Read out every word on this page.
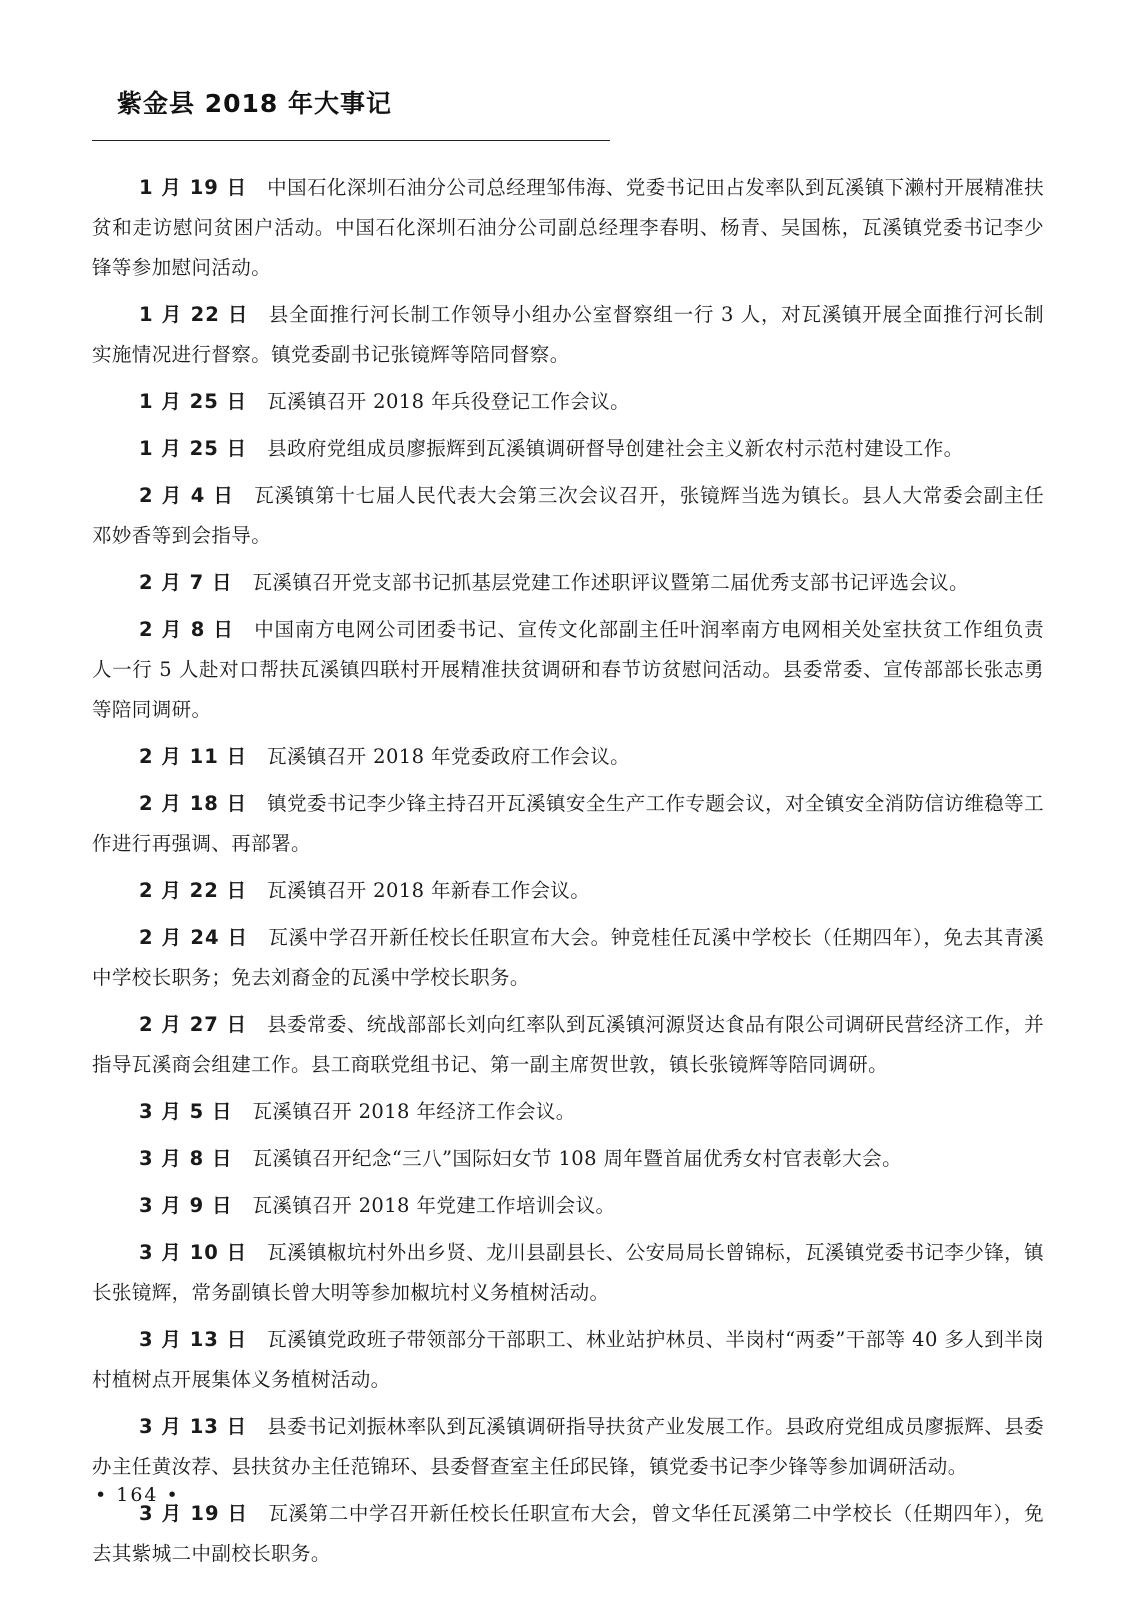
紫金县 2018 年大事记

1 月 19 日 中国石化深圳石油分公司总经理邹伟海、党委书记田占发率队到瓦溪镇下濑村开展精准扶贫和走访慰问贫困户活动。中国石化深圳石油分公司副总经理李春明、杨青、吴国栋，瓦溪镇党委书记李少锋等参加慰问活动。

1 月 22 日 县全面推行河长制工作领导小组办公室督察组一行 3 人，对瓦溪镇开展全面推行河长制实施情况进行督察。镇党委副书记张镜辉等陪同督察。

1 月 25 日 瓦溪镇召开 2018 年兵役登记工作会议。

1 月 25 日 县政府党组成员廖振辉到瓦溪镇调研督导创建社会主义新农村示范村建设工作。

2 月 4 日 瓦溪镇第十七届人民代表大会第三次会议召开，张镜辉当选为镇长。县人大常委会副主任邓妙香等到会指导。

2 月 7 日 瓦溪镇召开党支部书记抓基层党建工作述职评议暨第二届优秀支部书记评选会议。

2 月 8 日 中国南方电网公司团委书记、宣传文化部副主任叶润率南方电网相关处室扶贫工作组负责人一行 5 人赴对口帮扶瓦溪镇四联村开展精准扶贫调研和春节访贫慰问活动。县委常委、宣传部部长张志勇等陪同调研。

2 月 11 日 瓦溪镇召开 2018 年党委政府工作会议。

2 月 18 日 镇党委书记李少锋主持召开瓦溪镇安全生产工作专题会议，对全镇安全消防信访维稳等工作进行再强调、再部署。

2 月 22 日 瓦溪镇召开 2018 年新春工作会议。

2 月 24 日 瓦溪中学召开新任校长任职宣布大会。钟竞桂任瓦溪中学校长（任期四年），免去其青溪中学校长职务；免去刘裔金的瓦溪中学校长职务。

2 月 27 日 县委常委、统战部部长刘向红率队到瓦溪镇河源贤达食品有限公司调研民营经济工作，并指导瓦溪商会组建工作。县工商联党组书记、第一副主席贺世敦，镇长张镜辉等陪同调研。

3 月 5 日 瓦溪镇召开 2018 年经济工作会议。

3 月 8 日 瓦溪镇召开纪念“三八”国际妇女节 108 周年暨首届优秀女村官表彰大会。

3 月 9 日 瓦溪镇召开 2018 年党建工作培训会议。

3 月 10 日 瓦溪镇椒坑村外出乡贤、龙川县副县长、公安局局长曾锦标，瓦溪镇党委书记李少锋，镇长张镜辉，常务副镇长曾大明等参加椒坑村义务植树活动。

3 月 13 日 瓦溪镇党政班子带领部分干部职工、林业站护林员、半岗村“两委”干部等 40 多人到半岗村植树点开展集体义务植树活动。

3 月 13 日 县委书记刘振林率队到瓦溪镇调研指导扶贫产业发展工作。县政府党组成员廖振辉、县委办主任黄汝荐、县扶贫办主任范锦环、县委督查室主任邱民锋，镇党委书记李少锋等参加调研活动。

3 月 19 日 瓦溪第二中学召开新任校长任职宣布大会，曾文华任瓦溪第二中学校长（任期四年），免去其紫城二中副校长职务。

• 164 •
